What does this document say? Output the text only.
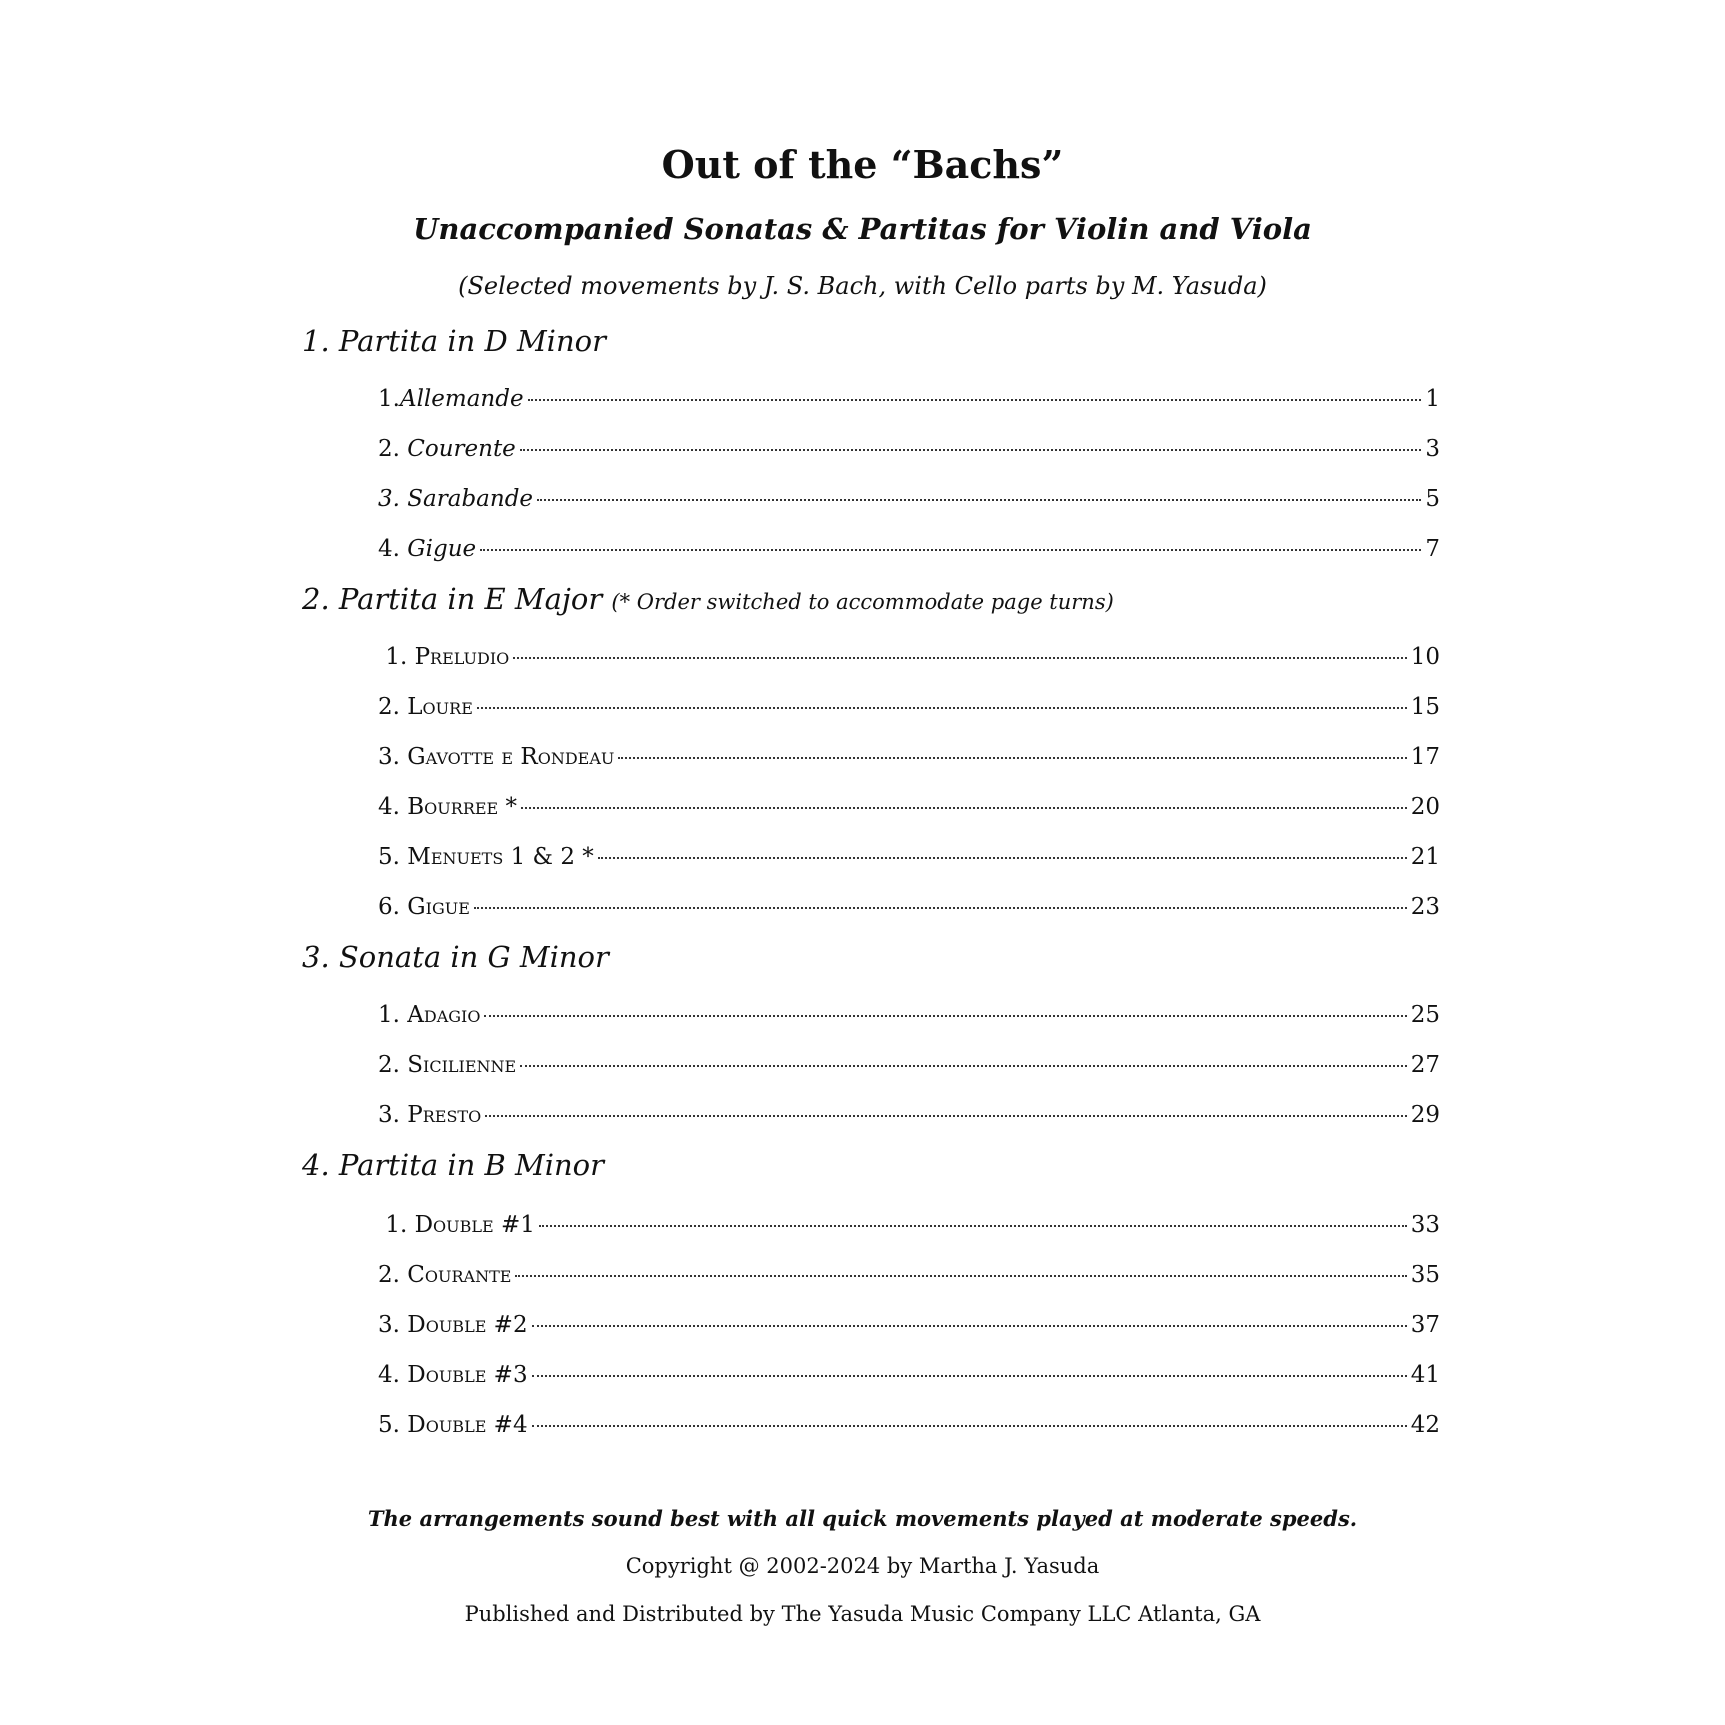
Out of the “Bachs”
Unaccompanied Sonatas & Partitas for Violin and Viola
(Selected movements by J. S. Bach, with Cello parts by M. Yasuda)
1. Partita in D Minor
1.Allemande	1
2. Courente	3
3. Sarabande	5
4. Gigue	7
2. Partita in E Major (* Order switched to accommodate page turns)
1. Preludio	10
2. Loure	15
3. Gavotte e Rondeau	17
4. Bourree *	20
5. Menuets 1 & 2 *	21
6. Gigue	23
3. Sonata in G Minor
1. Adagio	25
2. Sicilienne	27
3. Presto	29
4. Partita in B Minor
1. Double #1	33
2. Courante	35
3. Double #2	37
4. Double #3	41
5. Double #4	42
The arrangements sound best with all quick movements played at moderate speeds.
Copyright @ 2002-2024 by Martha J. Yasuda
Published and Distributed by The Yasuda Music Company LLC Atlanta, GA
